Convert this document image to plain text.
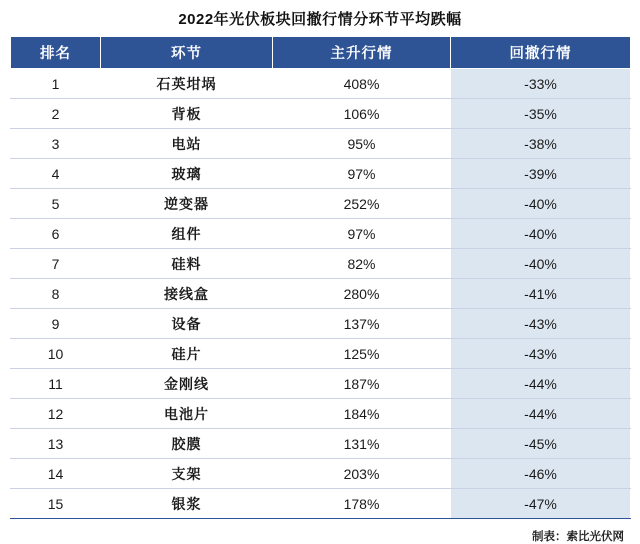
2022年光伏板块回撤行情分环节平均跌幅
排名	环节	主升行情	回撤行情
1	石英坩埚	408%	-33%
2	背板	106%	-35%
3	电站	95%	-38%
4	玻璃	97%	-39%
5	逆变器	252%	-40%
6	组件	97%	-40%
7	硅料	82%	-40%
8	接线盒	280%	-41%
9	设备	137%	-43%
10	硅片	125%	-43%
11	金刚线	187%	-44%
12	电池片	184%	-44%
13	胶膜	131%	-45%
14	支架	203%	-46%
15	银浆	178%	-47%
制表：索比光伏网
